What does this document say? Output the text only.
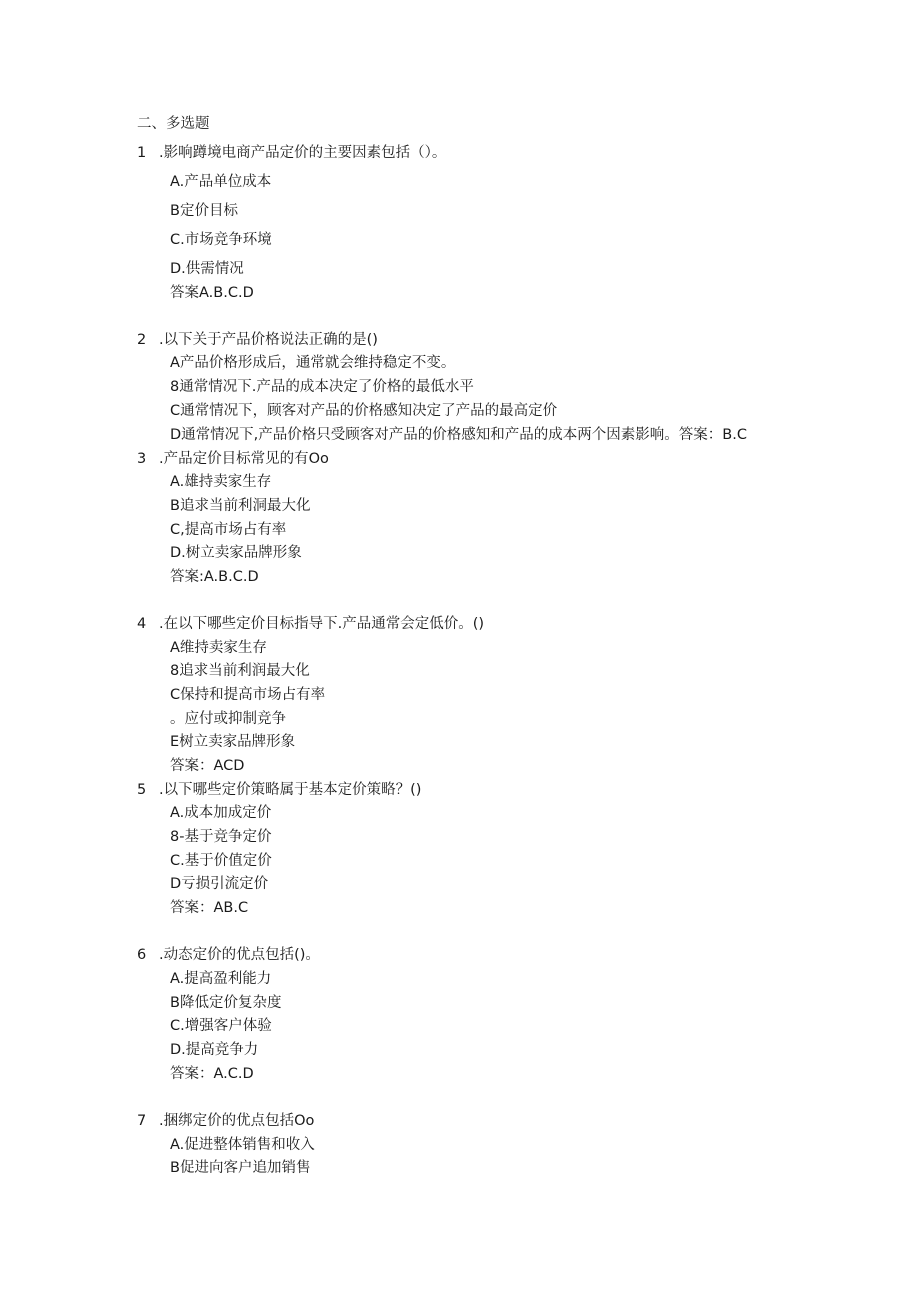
二、多选题
1 .影响蹲境电商产品定价的主要因素包括（）。
A.产品单位成本
B定价目标
C.市场竞争环境
D.供需情况
答案A.B.C.D
2 .以下关于产品价格说法正确的是()
A产品价格形成后，通常就会维持稳定不变。
8通常情况下.产品的成本决定了价格的最低水平
C通常情况下，顾客对产品的价格感知决定了产品的最高定价
D通常情况下,产品价格只受顾客对产品的价格感知和产品的成本两个因素影响。答案：B.C
3 .产品定价目标常见的有Oo
A.雄持卖家生存
B追求当前利洞最大化
C,提高市场占有率
D.树立卖家品牌形象
答案:A.B.C.D
4 .在以下哪些定价目标指导下.产品通常会定低价。()
A维持卖家生存
8追求当前利润最大化
C保持和提高市场占有率
。应付或抑制竞争
E树立卖家品牌形象
答案：ACD
5 .以下哪些定价策略属于基本定价策略？()
A.成本加成定价
8-基于竞争定价
C.基于价值定价
D亏损引流定价
答案：AB.C
6 .动态定价的优点包括()。
A.提高盈利能力
B降低定价复杂度
C.增强客户体验
D.提高竞争力
答案：A.C.D
7 .捆绑定价的优点包括Oo
A.促进整体销售和收入
B促进向客户追加销售
